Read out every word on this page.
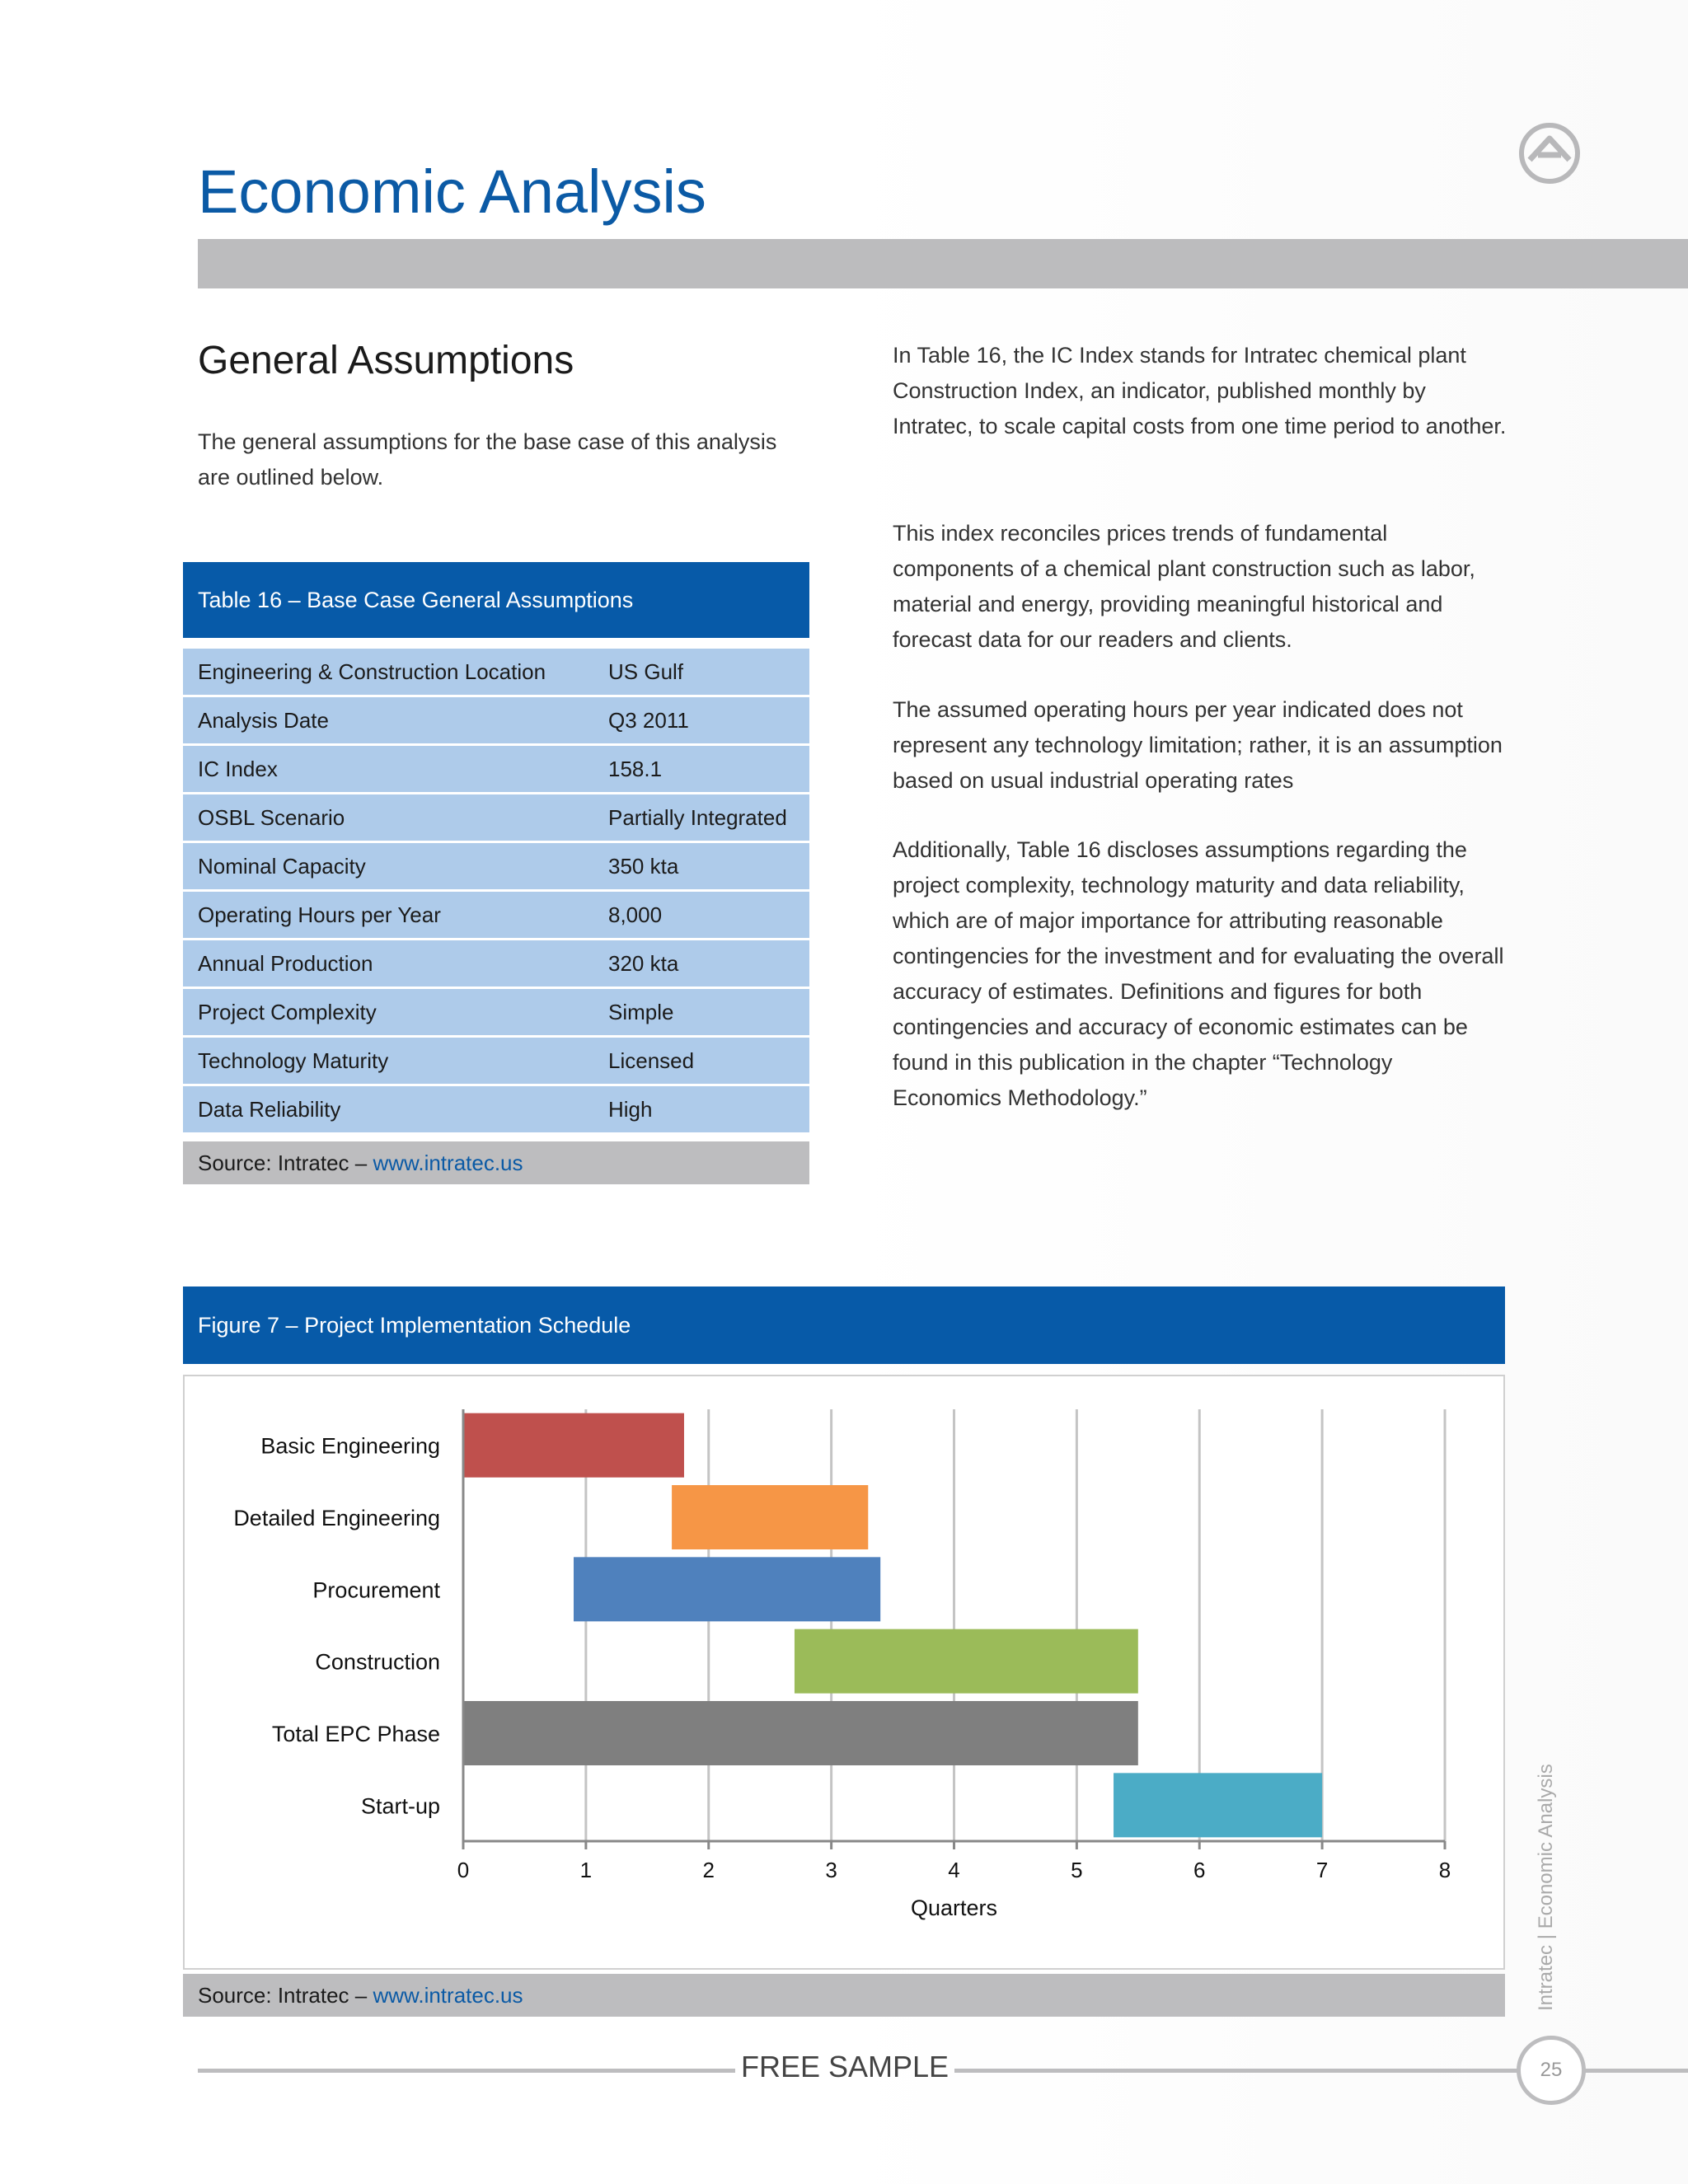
Economic Analysis
General Assumptions
The general assumptions for the base case of this analysis are outlined below.
In Table 16, the IC Index stands for Intratec chemical plant Construction Index, an indicator, published monthly by Intratec, to scale capital costs from one time period to another.
This index reconciles prices trends of fundamental components of a chemical plant construction such as labor, material and energy, providing meaningful historical and forecast data for our readers and clients.
The assumed operating hours per year indicated does not represent any technology limitation; rather, it is an assumption based on usual industrial operating rates
Additionally, Table 16 discloses assumptions regarding the project complexity, technology maturity and data reliability, which are of major importance for attributing reasonable contingencies for the investment and for evaluating the overall accuracy of estimates. Definitions and figures for both contingencies and accuracy of economic estimates can be found in this publication in the chapter “Technology Economics Methodology.”
Table 16 – Base Case General Assumptions
Engineering & Construction Location	US Gulf
Analysis Date	Q3 2011
IC Index	158.1
OSBL Scenario	Partially Integrated
Nominal Capacity	350 kta
Operating Hours per Year	8,000
Annual Production	320 kta
Project Complexity	Simple
Technology Maturity	Licensed
Data Reliability	High
Source: Intratec – www.intratec.us
Figure 7 – Project Implementation Schedule
Basic Engineering
Detailed Engineering
Procurement
Construction
Total EPC Phase
Start-up
0	1	2	3	4	5	6	7	8
Quarters
Source: Intratec – www.intratec.us	Intratec | Economic Analysis
FREE SAMPLE	25
